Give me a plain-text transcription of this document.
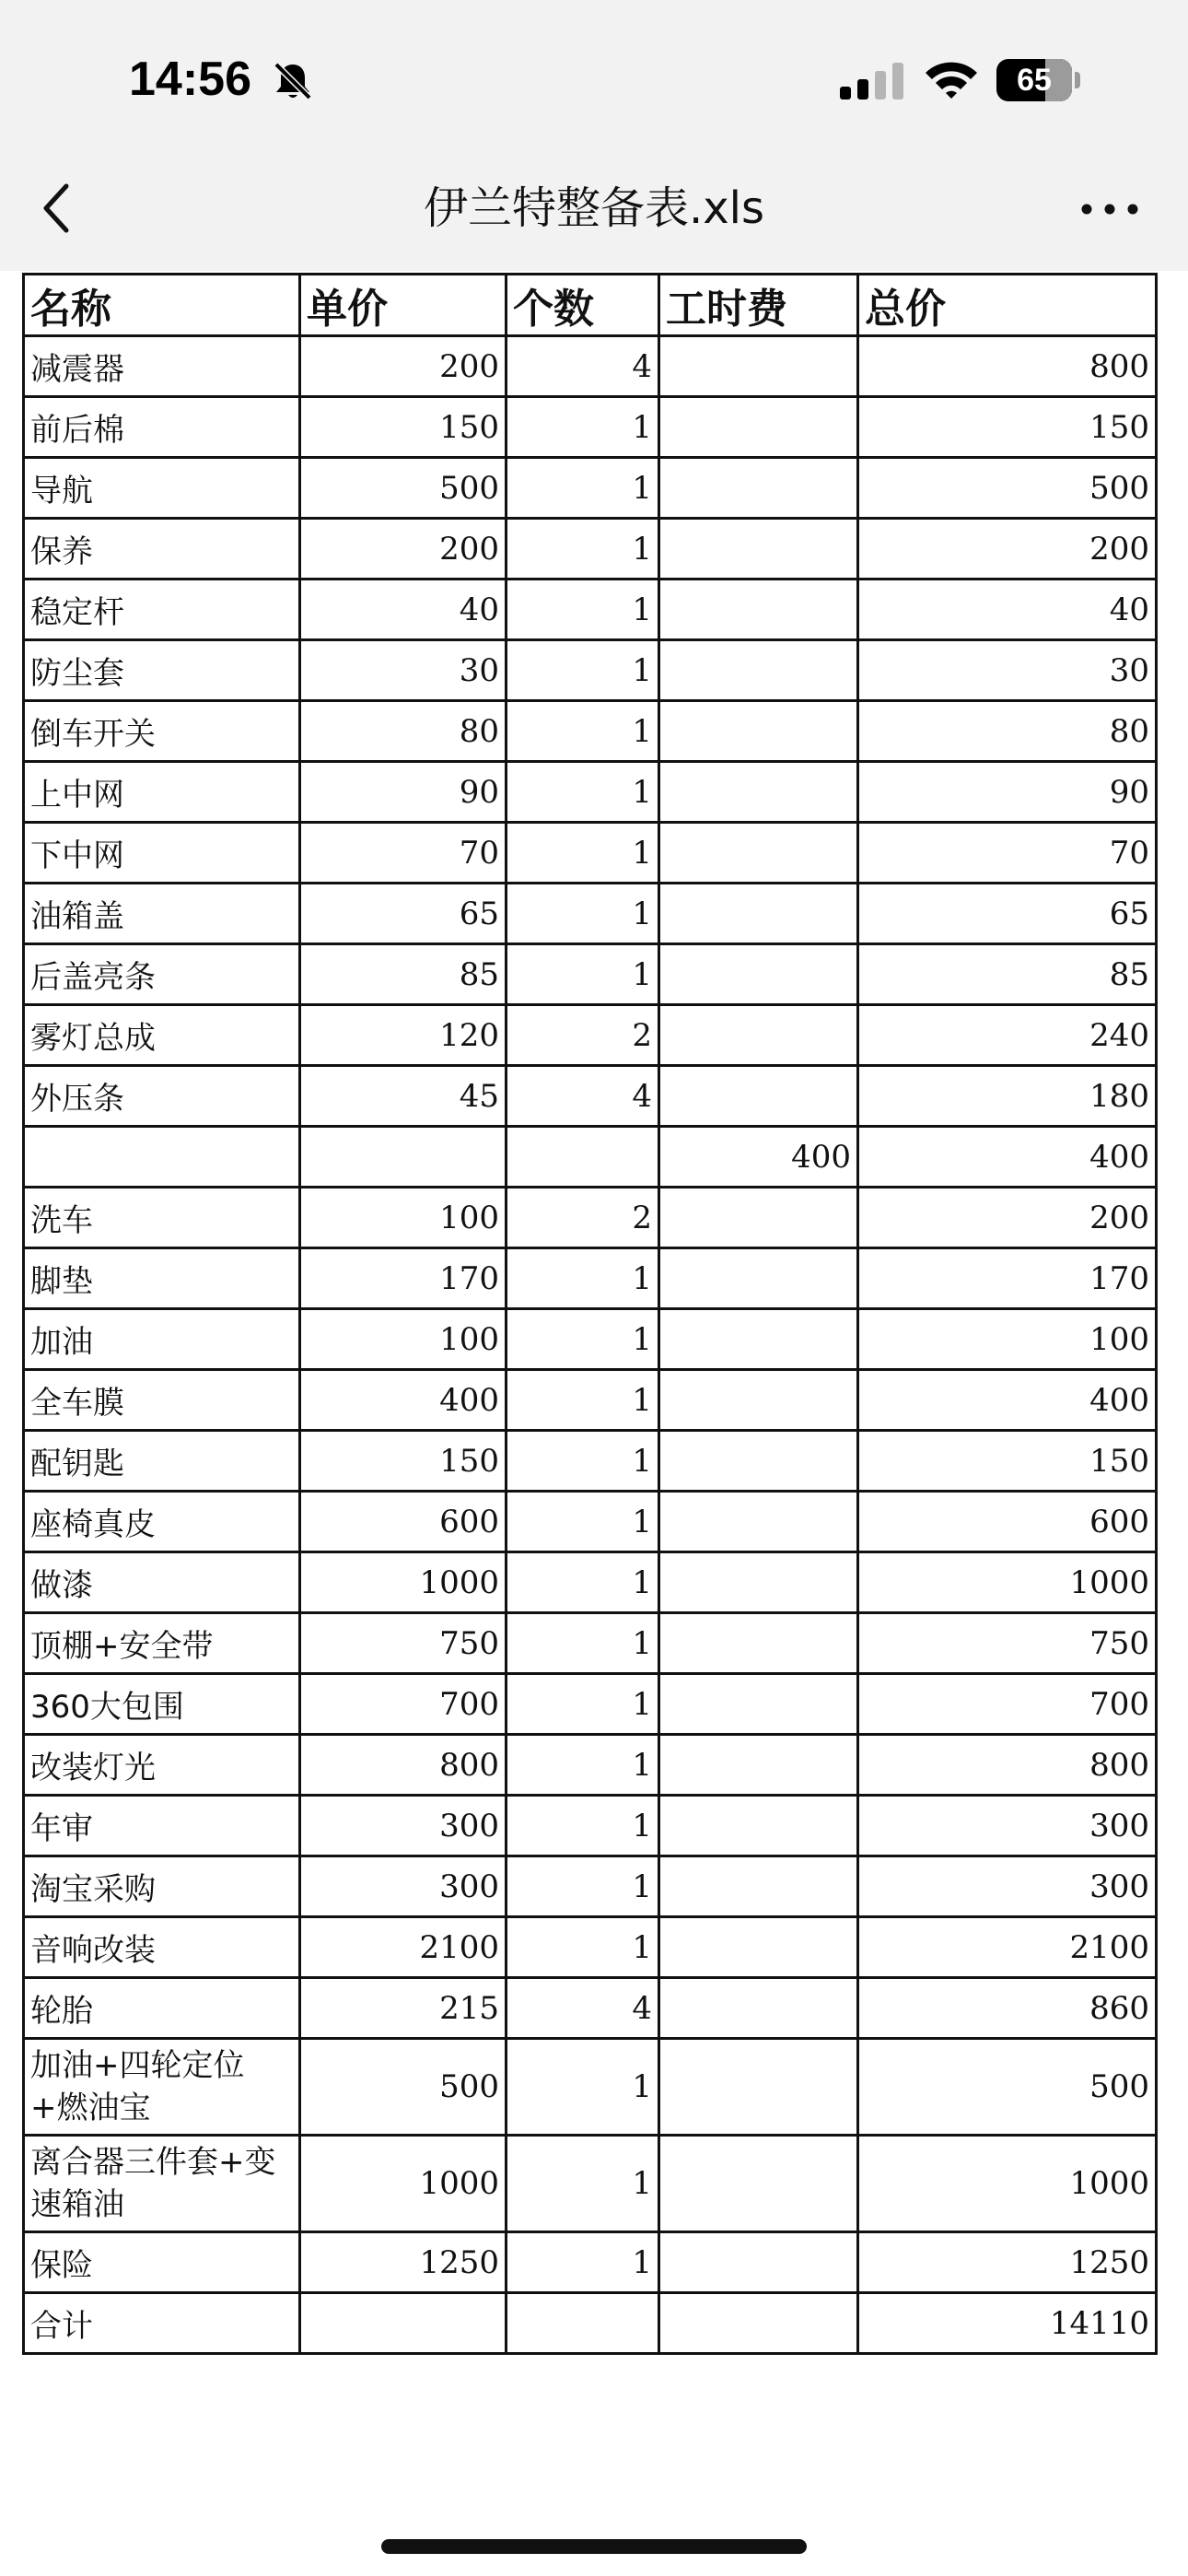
14:56	65
伊兰特整备表.xls
名称	单价	个数	工时费	总价
减震器	200	4		800
前后棉	150	1		150
导航	500	1		500
保养	200	1		200
稳定杆	40	1		40
防尘套	30	1		30
倒车开关	80	1		80
上中网	90	1		90
下中网	70	1		70
油箱盖	65	1		65
后盖亮条	85	1		85
雾灯总成	120	2		240
外压条	45	4		180
			400	400
洗车	100	2		200
脚垫	170	1		170
加油	100	1		100
全车膜	400	1		400
配钥匙	150	1		150
座椅真皮	600	1		600
做漆	1000	1		1000
顶棚+安全带	750	1		750
360大包围	700	1		700
改装灯光	800	1		800
年审	300	1		300
淘宝采购	300	1		300
音响改装	2100	1		2100
轮胎	215	4		860
加油+四轮定位+燃油宝	500	1		500
离合器三件套+变速箱油	1000	1		1000
保险	1250	1		1250
合计				14110
